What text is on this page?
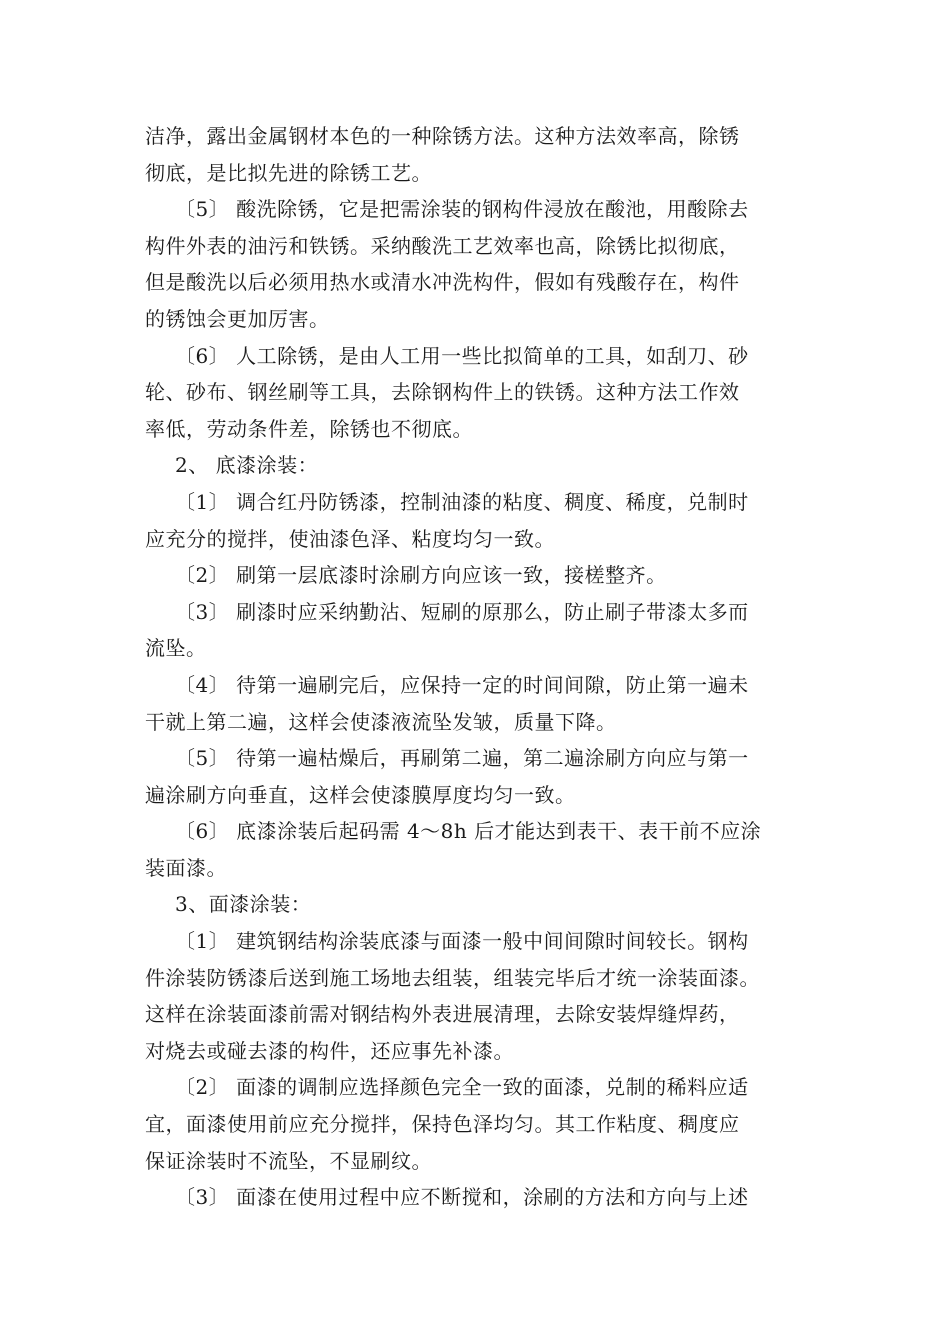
洁净，露出金属钢材本色的一种除锈方法。这种方法效率高，除锈
彻底，是比拟先进的除锈工艺。
〔5〕 酸洗除锈，它是把需涂装的钢构件浸放在酸池，用酸除去
构件外表的油污和铁锈。采纳酸洗工艺效率也高，除锈比拟彻底，
但是酸洗以后必须用热水或清水冲洗构件，假如有残酸存在，构件
的锈蚀会更加厉害。
〔6〕 人工除锈，是由人工用一些比拟简单的工具，如刮刀、砂
轮、砂布、钢丝刷等工具，去除钢构件上的铁锈。这种方法工作效
率低，劳动条件差，除锈也不彻底。
2、 底漆涂装：
〔1〕 调合红丹防锈漆，控制油漆的粘度、稠度、稀度，兑制时
应充分的搅拌，使油漆色泽、粘度均匀一致。
〔2〕 刷第一层底漆时涂刷方向应该一致，接槎整齐。
〔3〕 刷漆时应采纳勤沾、短刷的原那么，防止刷子带漆太多而
流坠。
〔4〕 待第一遍刷完后，应保持一定的时间间隙，防止第一遍未
干就上第二遍，这样会使漆液流坠发皱，质量下降。
〔5〕 待第一遍枯燥后，再刷第二遍，第二遍涂刷方向应与第一
遍涂刷方向垂直，这样会使漆膜厚度均匀一致。
〔6〕 底漆涂装后起码需 4～8h 后才能达到表干、表干前不应涂
装面漆。
3、面漆涂装：
〔1〕 建筑钢结构涂装底漆与面漆一般中间间隙时间较长。钢构
件涂装防锈漆后送到施工场地去组装，组装完毕后才统一涂装面漆。
这样在涂装面漆前需对钢结构外表进展清理，去除安装焊缝焊药，
对烧去或碰去漆的构件，还应事先补漆。
〔2〕 面漆的调制应选择颜色完全一致的面漆，兑制的稀料应适
宜，面漆使用前应充分搅拌，保持色泽均匀。其工作粘度、稠度应
保证涂装时不流坠，不显刷纹。
〔3〕 面漆在使用过程中应不断搅和，涂刷的方法和方向与上述
